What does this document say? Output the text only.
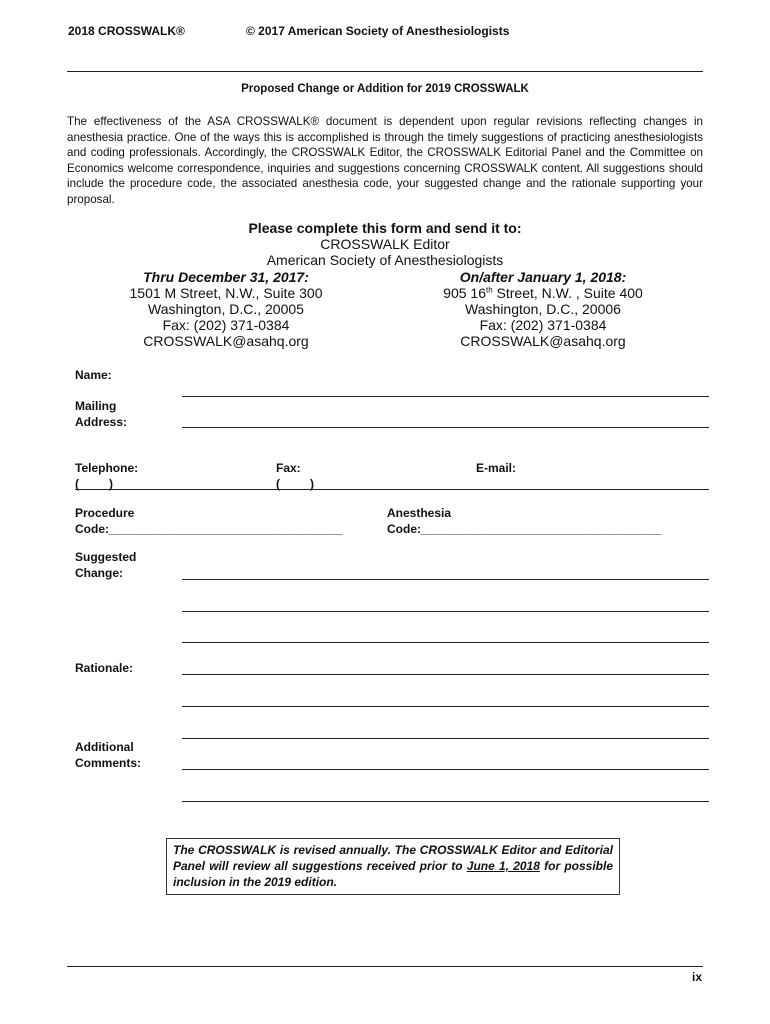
2018 CROSSWALK®	© 2017 American Society of Anesthesiologists
Proposed Change or Addition for 2019 CROSSWALK
The effectiveness of the ASA CROSSWALK® document is dependent upon regular revisions reflecting changes in anesthesia practice. One of the ways this is accomplished is through the timely suggestions of practicing anesthesiologists and coding professionals. Accordingly, the CROSSWALK Editor, the CROSSWALK Editorial Panel and the Committee on Economics welcome correspondence, inquiries and suggestions concerning CROSSWALK content. All suggestions should include the procedure code, the associated anesthesia code, your suggested change and the rationale supporting your proposal.
Please complete this form and send it to:
CROSSWALK Editor
American Society of Anesthesiologists
Thru December 31, 2017:
1501 M Street, N.W., Suite 300
Washington, D.C., 20005
Fax: (202) 371-0384
CROSSWALK@asahq.org
On/after January 1, 2018:
905 16th Street, N.W. , Suite 400
Washington, D.C., 20006
Fax: (202) 371-0384
CROSSWALK@asahq.org
Name:
Mailing
Address:
Telephone:
(         )
Fax:
(         )
E-mail:
Procedure
Code:___________________________________
Anesthesia
Code:____________________________________
Suggested
Change:
Rationale:
Additional
Comments:
The CROSSWALK is revised annually. The CROSSWALK Editor and Editorial Panel will review all suggestions received prior to June 1, 2018 for possible inclusion in the 2019 edition.
ix
